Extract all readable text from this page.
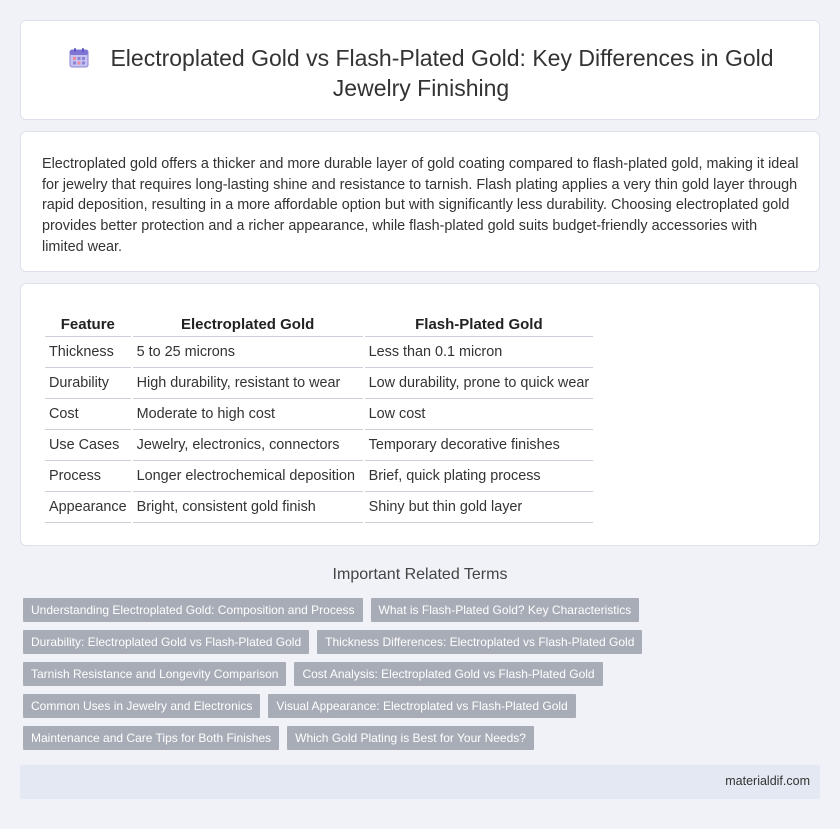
Electroplated Gold vs Flash-Plated Gold: Key Differences in Gold Jewelry Finishing

Electroplated gold offers a thicker and more durable layer of gold coating compared to flash-plated gold, making it ideal for jewelry that requires long-lasting shine and resistance to tarnish. Flash plating applies a very thin gold layer through rapid deposition, resulting in a more affordable option but with significantly less durability. Choosing electroplated gold provides better protection and a richer appearance, while flash-plated gold suits budget-friendly accessories with limited wear.

Feature	Electroplated Gold	Flash-Plated Gold
Thickness	5 to 25 microns	Less than 0.1 micron
Durability	High durability, resistant to wear	Low durability, prone to quick wear
Cost	Moderate to high cost	Low cost
Use Cases	Jewelry, electronics, connectors	Temporary decorative finishes
Process	Longer electrochemical deposition	Brief, quick plating process
Appearance	Bright, consistent gold finish	Shiny but thin gold layer
Important Related Terms
Understanding Electroplated Gold: Composition and Process	What is Flash-Plated Gold? Key Characteristics
Durability: Electroplated Gold vs Flash-Plated Gold	Thickness Differences: Electroplated vs Flash-Plated Gold
Tarnish Resistance and Longevity Comparison	Cost Analysis: Electroplated Gold vs Flash-Plated Gold
Common Uses in Jewelry and Electronics	Visual Appearance: Electroplated vs Flash-Plated Gold
Maintenance and Care Tips for Both Finishes	Which Gold Plating is Best for Your Needs?
materialdif.com
